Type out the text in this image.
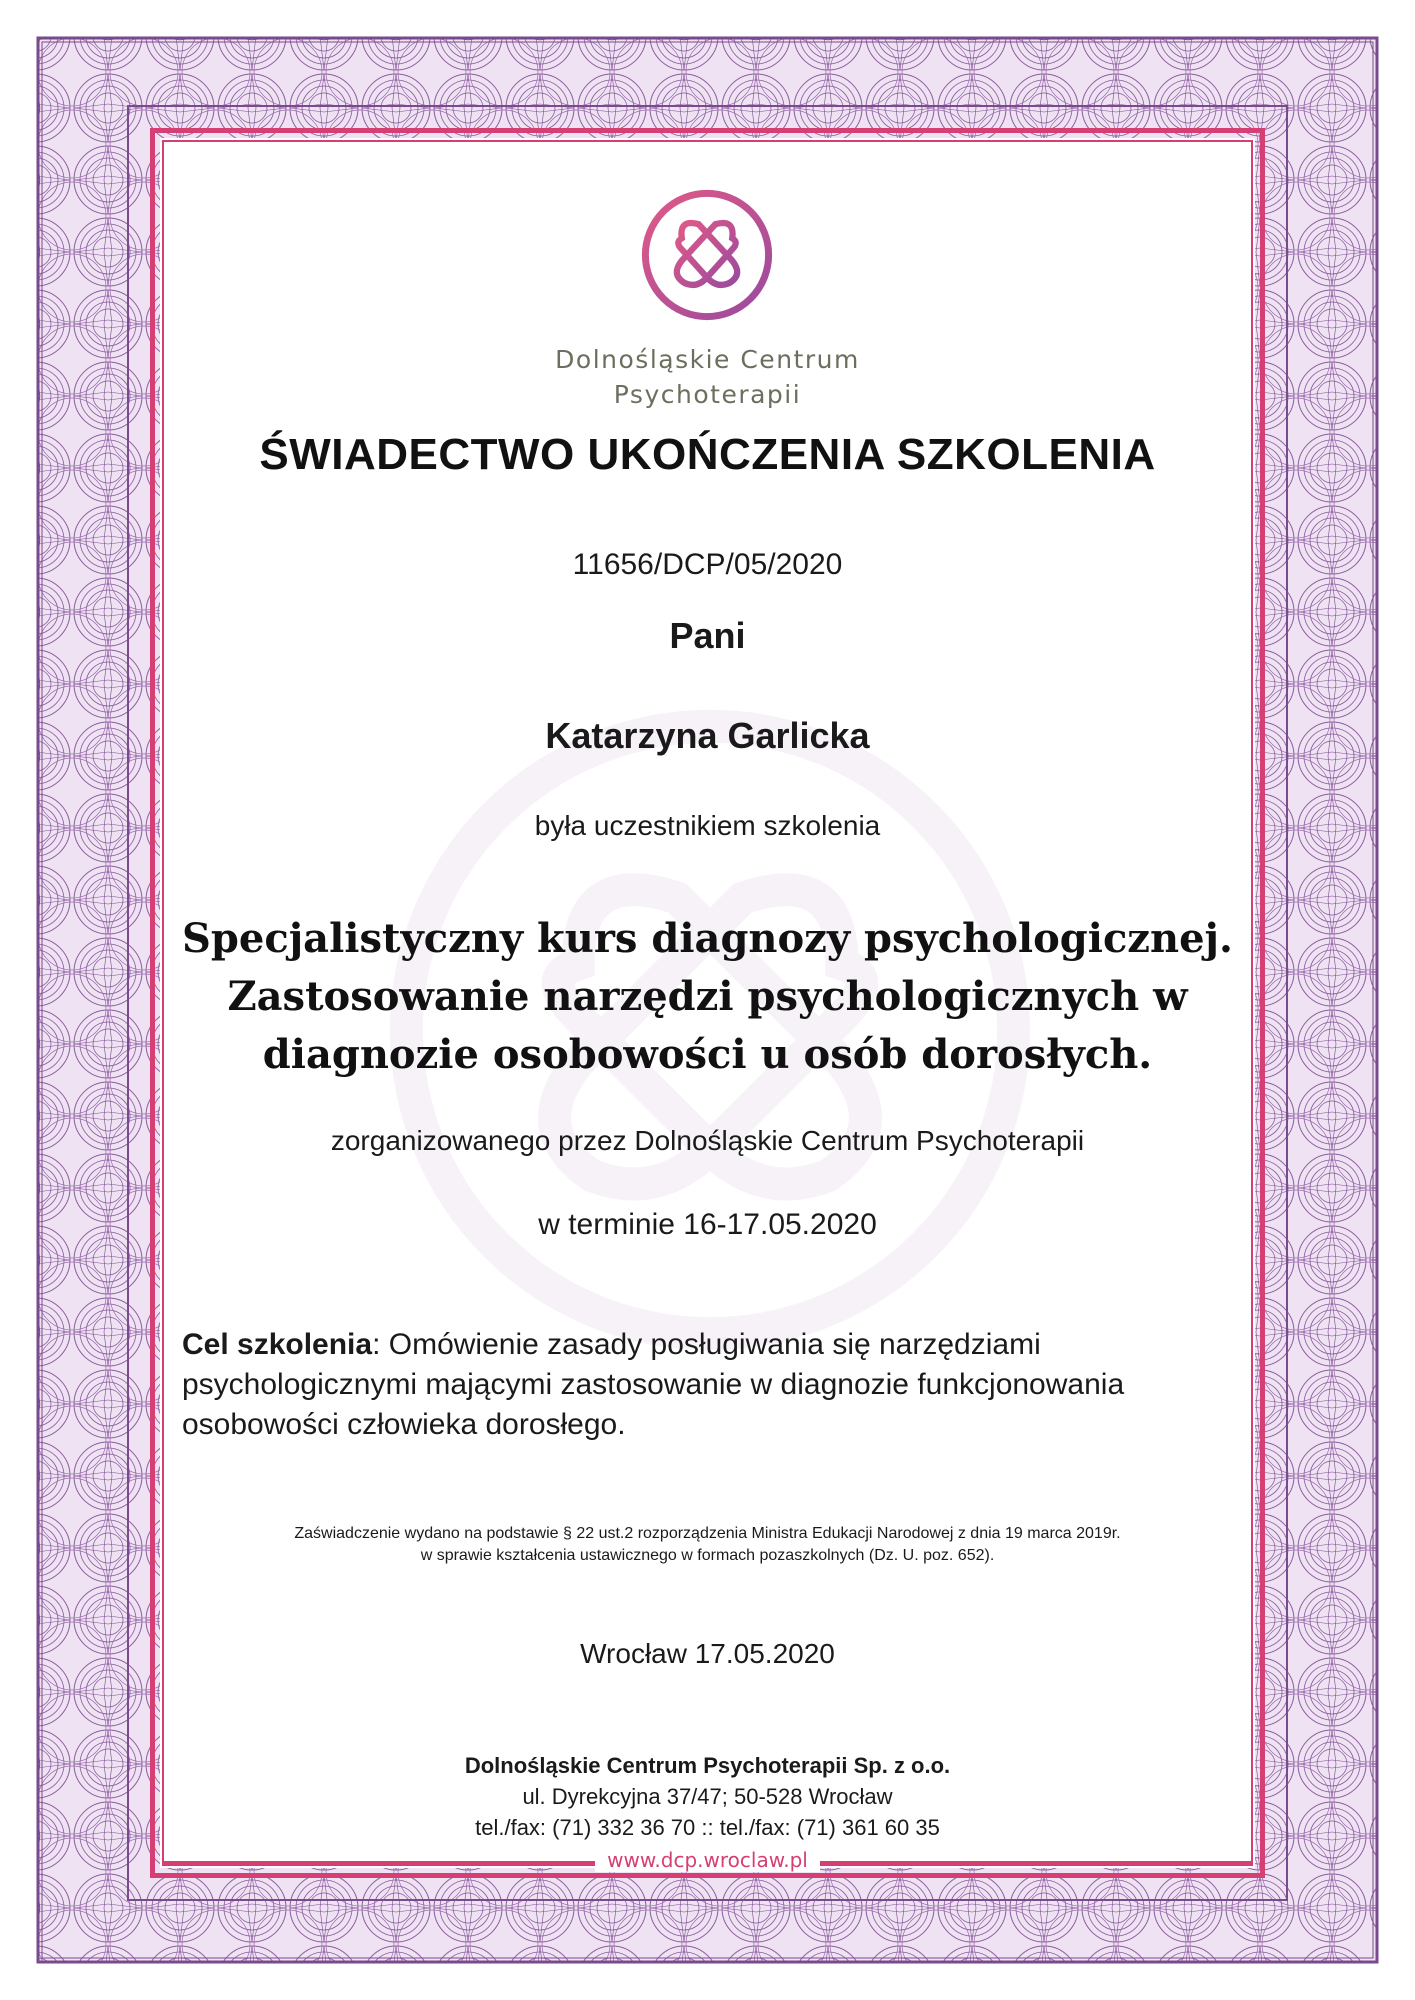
Dolnośląskie Centrum
Psychoterapii
ŚWIADECTWO UKOŃCZENIA SZKOLENIA
11656/DCP/05/2020
Pani
Katarzyna Garlicka
była uczestnikiem szkolenia
Specjalistyczny kurs diagnozy psychologicznej.
Zastosowanie narzędzi psychologicznych w
diagnozie osobowości u osób dorosłych.
zorganizowanego przez Dolnośląskie Centrum Psychoterapii
w terminie 16-17.05.2020
Cel szkolenia: Omówienie zasady posługiwania się narzędziami psychologicznymi mającymi zastosowanie w diagnozie funkcjonowania osobowości człowieka dorosłego.
Zaświadczenie wydano na podstawie § 22 ust.2 rozporządzenia Ministra Edukacji Narodowej z dnia 19 marca 2019r.
w sprawie kształcenia ustawicznego w formach pozaszkolnych (Dz. U. poz. 652).
Wrocław 17.05.2020
Dolnośląskie Centrum Psychoterapii Sp. z o.o.
ul. Dyrekcyjna 37/47; 50-528 Wrocław
tel./fax: (71) 332 36 70 :: tel./fax: (71) 361 60 35
www.dcp.wroclaw.pl
